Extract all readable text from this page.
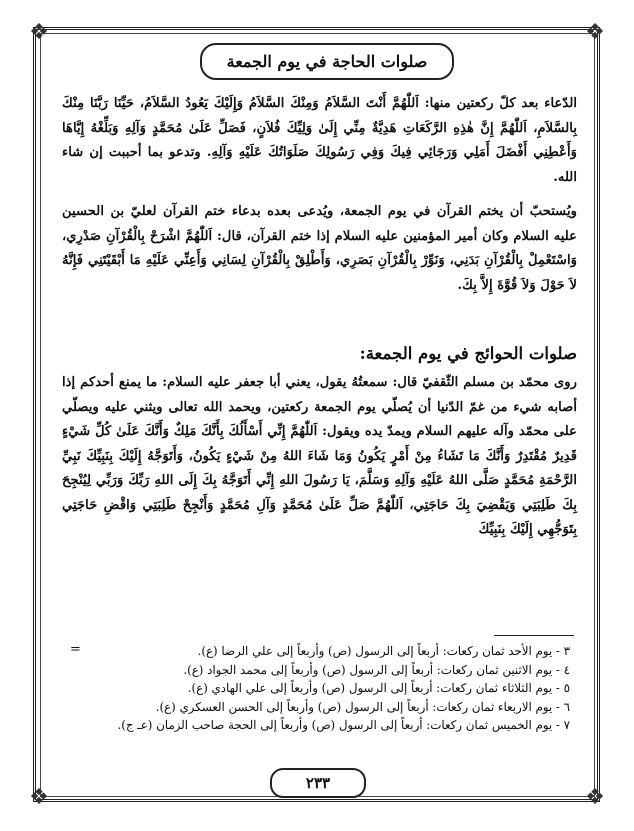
❖	❖
❖	❖
صلوات الحاجة في يوم الجمعة

الدّعاء بعد كلّ ركعتين منها: اَللّٰهُمَّ أَنْتَ السَّلاَمُ وَمِنْكَ السَّلاَمُ وَإِلَيْكَ يَعُودُ السَّلاَمُ، حَيِّنَا رَبَّنَا مِنْكَ بِالسَّلاَمِ، اَللّٰهُمَّ إِنَّ هٰذِهِ الرَّكَعَاتِ هَدِيَّةٌ مِنِّي إِلَىٰ وَلِيِّكَ فُلاَنٍ، فَصَلِّ عَلَىٰ مُحَمَّدٍ وَآلِهِ وَبَلِّغْهُ إِيَّاهَا وَأَعْطِنِي أَفْضَلَ أَمَلِي وَرَجَائِي فِيكَ وَفِي رَسُولِكَ صَلَوَاتُكَ عَلَيْهِ وَآلِهِ. وتدعو بما أحببت إن شاء الله.

ويُستحبّ أن يختم القرآن في يوم الجمعة، ويُدعى بعده بدعاء ختم القرآن لعليّ بن الحسين عليه السلام وكان أمير المؤمنين عليه السلام إذا ختم القرآن، قال: اَللّٰهُمَّ اشْرَحْ بِالْقُرْآنِ صَدْرِي، وَاسْتَعْمِلْ بِالْقُرْآنِ بَدَنِي، وَنَوِّرْ بِالْقُرْآنِ بَصَرِي، وَأَطْلِقْ بِالْقُرْآنِ لِسَانِي وَأَعِنِّي عَلَيْهِ مَا أَبْقَيْتَنِي فَإِنَّهُ لاَ حَوْلَ وَلاَ قُوَّةَ إِلاَّ بِكَ.

صلوات الحوائج في يوم الجمعة:

روى محمّد بن مسلم الثّقفيّ قال: سمعتُهُ يقول، يعني أبا جعفر عليه السلام: ما يمنع أحدكم إذا أصابه شيء من غمّ الدّنيا أن يُصلّي يوم الجمعة ركعتين، ويحمد الله تعالى ويثني عليه ويصلّي على محمّد وآله عليهم السلام ويمدّ يده ويقول: اَللّٰهُمَّ إِنِّي أَسْأَلُكَ بِأَنَّكَ مَلِكٌ وَأَنَّكَ عَلَىٰ كُلِّ شَيْءٍ قَدِيرٌ مُقْتَدِرٌ وَأَنَّكَ مَا تَشَاءُ مِنْ أَمْرٍ يَكُونُ وَمَا شَاءَ اللهُ مِنْ شَيْءٍ يَكُونُ، وَأَتَوَجَّهُ إِلَيْكَ بِنَبِيِّكَ نَبِيِّ الرَّحْمَةِ مُحَمَّدٍ صَلَّى اللهُ عَلَيْهِ وَآلِهِ وَسَلَّمَ، يَا رَسُولَ اللهِ إِنِّي أَتَوَجَّهُ بِكَ إِلَى اللهِ رَبِّكَ وَرَبِّي لِيُنْجِحَ بِكَ طَلِبَتِي وَيَقْضِيَ بِكَ حَاجَتِي، اَللّٰهُمَّ صَلِّ عَلَىٰ مُحَمَّدٍ وَآلِ مُحَمَّدٍ وَأَنْجِحْ طَلِبَتِي وَاقْضِ حَاجَتِي بِتَوَجُّهِي إِلَيْكَ بِنَبِيِّكَ

=	٣ - يوم الأحد ثمان ركعات: أربعاً إلى الرسول (ص) وأربعاً إلى علي الرضا (ع).

٤ - يوم الاثنين ثمان ركعات: أربعاً إلى الرسول (ص) وأربعاً إلى محمد الجواد (ع).

٥ - يوم الثلاثاء ثمان ركعات: أربعاً إلى الرسول (ص) وأربعاً إلى علي الهادي (ع).

٦ - يوم الاربعاء ثمان ركعات: أربعاً إلى الرسول (ص) وأربعاً إلى الحسن العسكري (ع).

٧ - يوم الخميس ثمان ركعات: أربعاً إلى الرسول (ص) وأربعاً إلى الحجة صاحب الزمان (عـ ج).

٢٣٣
